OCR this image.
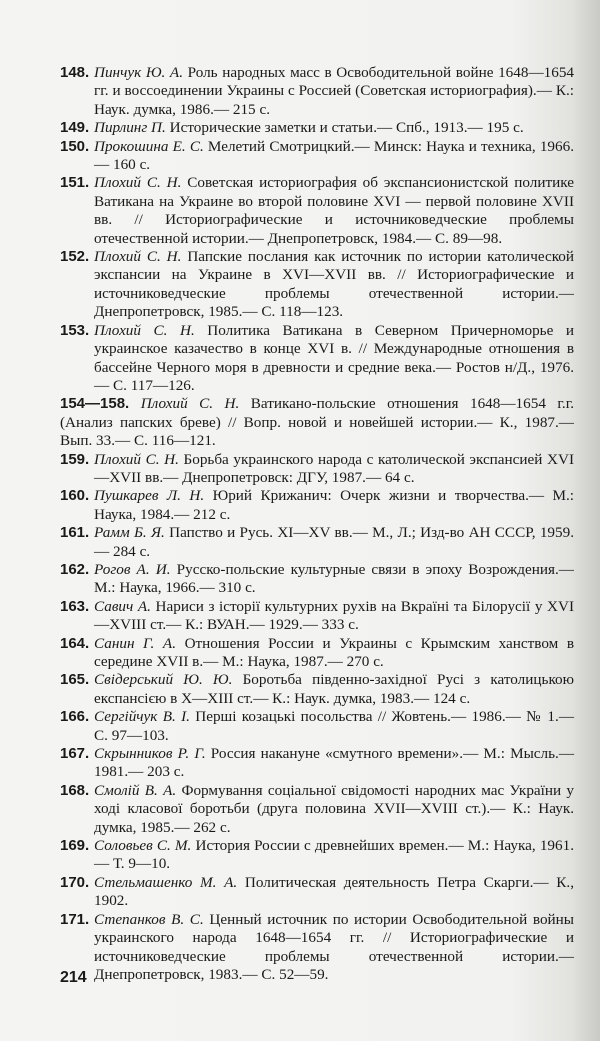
148. Пинчук Ю. А. Роль народных масс в Освободительной войне 1648—1654 гг. и воссоединении Украины с Россией (Советская историография).— К.: Наук. думка, 1986.— 215 с.
149. Пирлинг П. Исторические заметки и статьи.— Спб., 1913.— 195 с.
150. Прокошина Е. С. Мелетий Смотрицкий.— Минск: Наука и техника, 1966.— 160 с.
151. Плохий С. Н. Советская историография об экспансионистской политике Ватикана на Украине во второй половине XVI — первой половине XVII вв. // Историографические и источниковедческие проблемы отечественной истории.— Днепропетровск, 1984.— С. 89—98.
152. Плохий С. Н. Папские послания как источник по истории католической экспансии на Украине в XVI—XVII вв. // Историографические и источниковедческие проблемы отечественной истории.— Днепропетровск, 1985.— С. 118—123.
153. Плохий С. Н. Политика Ватикана в Северном Причерноморье и украинское казачество в конце XVI в. // Международные отношения в бассейне Черного моря в древности и средние века.— Ростов н/Д., 1976.— С. 117—126.
154—158. Плохий С. Н. Ватикано-польские отношения 1648—1654 г.г. (Анализ папских бреве) // Вопр. новой и новейшей истории.— К., 1987.— Вып. 33.— С. 116—121.
159. Плохий С. Н. Борьба украинского народа с католической экспансией XVI—XVII вв.— Днепропетровск: ДГУ, 1987.— 64 с.
160. Пушкарев Л. Н. Юрий Крижанич: Очерк жизни и творчества.— М.: Наука, 1984.— 212 с.
161. Рамм Б. Я. Папство и Русь. XI—XV вв.— М., Л.; Изд-во АН СССР, 1959.— 284 с.
162. Рогов А. И. Русско-польские культурные связи в эпоху Возрождения.— М.: Наука, 1966.— 310 с.
163. Савич А. Нариси з історії культурних рухів на Вкраїні та Білорусії у XVI—XVIII ст.— К.: ВУАН.— 1929.— 333 с.
164. Санин Г. А. Отношения России и Украины с Крымским ханством в середине XVII в.— М.: Наука, 1987.— 270 с.
165. Свідерський Ю. Ю. Боротьба південно-західної Русі з католицькою експансією в X—XIII ст.— К.: Наук. думка, 1983.— 124 с.
166. Сергійчук В. І. Перші козацькі посольства // Жовтень.— 1986.— № 1.— С. 97—103.
167. Скрынников Р. Г. Россия накануне «смутного времени».— М.: Мысль.— 1981.— 203 с.
168. Смолій В. А. Формування соціальної свідомості народних мас України у ході класової боротьби (друга половина XVII—XVIII ст.).— К.: Наук. думка, 1985.— 262 с.
169. Соловьев С. М. История России с древнейших времен.— М.: Наука, 1961.— Т. 9—10.
170. Стельмашенко М. А. Политическая деятельность Петра Скарги.— К., 1902.
171. Степанков В. С. Ценный источник по истории Освободительной войны украинского народа 1648—1654 гг. // Историографические и источниковедческие проблемы отечественной истории.— Днепропетровск, 1983.— С. 52—59.
214
